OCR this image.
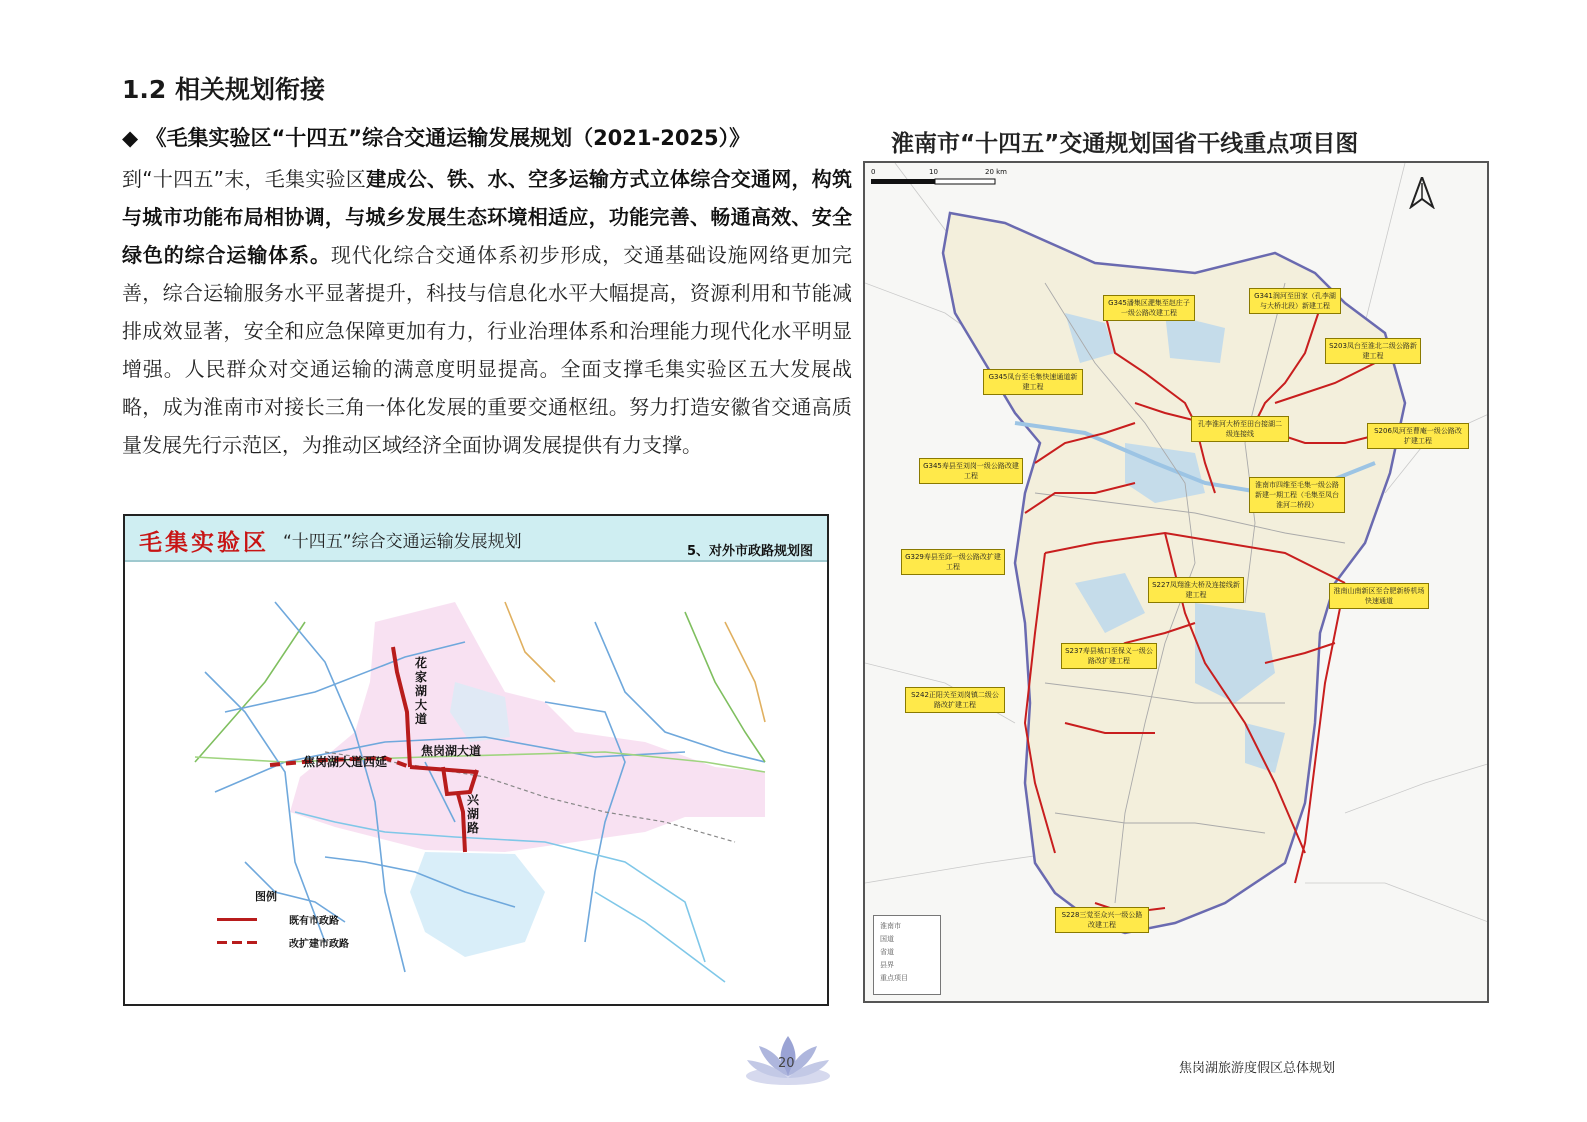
1.2 相关规划衔接
◆ 《毛集实验区“十四五”综合交通运输发展规划（2021-2025）》
到“十四五”末，毛集实验区建成公、铁、水、空多运输方式立体综合交通网，构筑与城市功能布局相协调，与城乡发展生态环境相适应，功能完善、畅通高效、安全绿色的综合运输体系。现代化综合交通体系初步形成，交通基础设施网络更加完善，综合运输服务水平显著提升，科技与信息化水平大幅提高，资源利用和节能减排成效显著，安全和应急保障更加有力，行业治理体系和治理能力现代化水平明显增强。人民群众对交通运输的满意度明显提高。全面支撑毛集实验区五大发展战略，成为淮南市对接长三角一体化发展的重要交通枢纽。努力打造安徽省交通高质量发展先行示范区，为推动区域经济全面协调发展提供有力支撑。
毛集实验区 “十四五”综合交通运输发展规划	5、对外市政路规划图
花家湖大道
焦岗湖大道
焦岗湖大道西延
兴湖路
图例
既有市政路
改扩建市政路
淮南市“十四五”交通规划国省干线重点项目图
0	10	20 km
G345潘集区淝集至赵庄子一级公路改建工程
G345凤台至毛集快速通道新建工程
G345寿县至刘岗一级公路改建工程
G329寿县至邱一级公路改扩建工程
S242正阳关至刘岗镇二级公路改扩建工程
S237寿县城口至保义一级公路改扩建工程
S228三觉至众兴一级公路改建工程
G341润河至田家（孔李湖与大桥北段）新建工程
S203凤台至淮北二级公路新建工程
S206凤河至曹庵一级公路改扩建工程
孔李淮河大桥至田台接湖二级连接线
淮南市四维至毛集一级公路新建一期工程（毛集至凤台淮河二桥段）
S227凤翔淮大桥及连接线新建工程	淮南山南新区至合肥新桥机场快速通道
淮南市
国道
省道
县界
重点项目
20	焦岗湖旅游度假区总体规划
